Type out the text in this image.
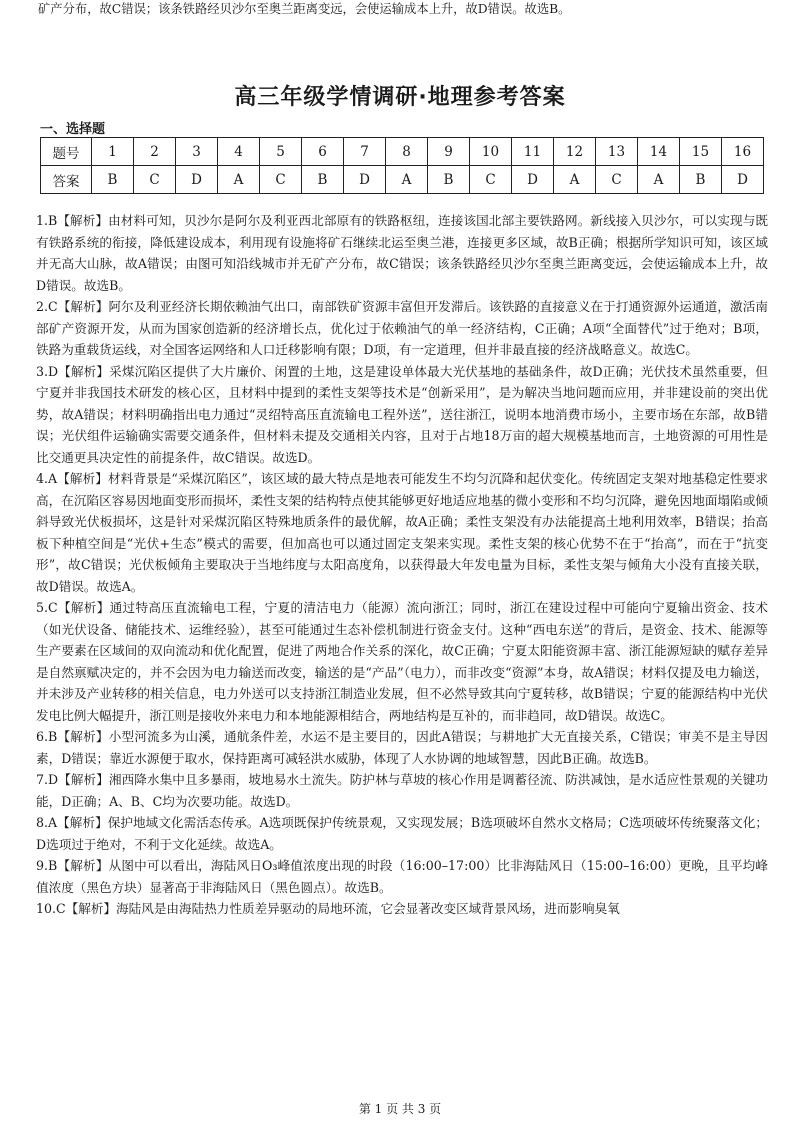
矿产分布，故C错误；该条铁路经贝沙尔至奥兰距离变远，会使运输成本上升，故D错误。故选B。
高三年级学情调研·地理参考答案
一、选择题
题号	1	2	3	4	5	6	7	8	9	10	11	12	13	14	15	16
答案	B	C	D	A	C	B	D	A	B	C	D	A	C	A	B	D

1.B【解析】由材料可知，贝沙尔是阿尔及利亚西北部原有的铁路枢纽，连接该国北部主要铁路网。新线接入贝沙尔，可以实现与既有铁路系统的衔接，降低建设成本，利用现有设施将矿石继续北运至奥兰港，连接更多区域，故B正确；根据所学知识可知，该区域并无高大山脉，故A错误；由图可知沿线城市并无矿产分布，故C错误；该条铁路经贝沙尔至奥兰距离变远，会使运输成本上升，故D错误。故选B。

2.C【解析】阿尔及利亚经济长期依赖油气出口，南部铁矿资源丰富但开发滞后。该铁路的直接意义在于打通资源外运通道，激活南部矿产资源开发，从而为国家创造新的经济增长点，优化过于依赖油气的单一经济结构，C正确；A项“全面替代”过于绝对；B项，铁路为重载货运线，对全国客运网络和人口迁移影响有限；D项，有一定道理，但并非最直接的经济战略意义。故选C。

3.D【解析】采煤沉陷区提供了大片廉价、闲置的土地，这是建设单体最大光伏基地的基础条件，故D正确；光伏技术虽然重要，但宁夏并非我国技术研发的核心区，且材料中提到的柔性支架等技术是“创新采用”，是为解决当地问题而应用，并非建设前的突出优势，故A错误；材料明确指出电力通过“灵绍特高压直流输电工程外送”，送往浙江，说明本地消费市场小，主要市场在东部，故B错误；光伏组件运输确实需要交通条件，但材料未提及交通相关内容，且对于占地18万亩的超大规模基地而言，土地资源的可用性是比交通更具决定性的前提条件，故C错误。故选D。

4.A【解析】材料背景是“采煤沉陷区”，该区域的最大特点是地表可能发生不均匀沉降和起伏变化。传统固定支架对地基稳定性要求高，在沉陷区容易因地面变形而损坏，柔性支架的结构特点使其能够更好地适应地基的微小变形和不均匀沉降，避免因地面塌陷或倾斜导致光伏板损坏，这是针对采煤沉陷区特殊地质条件的最优解，故A正确；柔性支架没有办法能提高土地利用效率，B错误；抬高板下种植空间是“光伏+生态”模式的需要，但加高也可以通过固定支架来实现。柔性支架的核心优势不在于“抬高”，而在于“抗变形”，故C错误；光伏板倾角主要取决于当地纬度与太阳高度角，以获得最大年发电量为目标，柔性支架与倾角大小没有直接关联，故D错误。故选A。

5.C【解析】通过特高压直流输电工程，宁夏的清洁电力（能源）流向浙江；同时，浙江在建设过程中可能向宁夏输出资金、技术（如光伏设备、储能技术、运维经验），甚至可能通过生态补偿机制进行资金支付。这种“西电东送”的背后，是资金、技术、能源等生产要素在区域间的双向流动和优化配置，促进了两地合作关系的深化，故C正确；宁夏太阳能资源丰富、浙江能源短缺的赋存差异是自然禀赋决定的，并不会因为电力输送而改变，输送的是“产品”（电力），而非改变“资源”本身，故A错误；材料仅提及电力输送，并未涉及产业转移的相关信息，电力外送可以支持浙江制造业发展，但不必然导致其向宁夏转移，故B错误；宁夏的能源结构中光伏发电比例大幅提升，浙江则是接收外来电力和本地能源相结合，两地结构是互补的，而非趋同，故D错误。故选C。

6.B【解析】小型河流多为山溪，通航条件差，水运不是主要目的，因此A错误；与耕地扩大无直接关系，C错误；审美不是主导因素，D错误；靠近水源便于取水，保持距离可减轻洪水威胁，体现了人水协调的地域智慧，因此B正确。故选B。

7.D【解析】湘西降水集中且多暴雨，坡地易水土流失。防护林与草坡的核心作用是调蓄径流、防洪减蚀，是水适应性景观的关键功能，D正确；A、B、C均为次要功能。故选D。

8.A【解析】保护地域文化需活态传承。A选项既保护传统景观，又实现发展；B选项破坏自然水文格局；C选项破坏传统聚落文化；D选项过于绝对，不利于文化延续。故选A。

9.B【解析】从图中可以看出，海陆风日O₃峰值浓度出现的时段（16:00–17:00）比非海陆风日（15:00–16:00）更晚，且平均峰值浓度（黑色方块）显著高于非海陆风日（黑色圆点）。故选B。

10.C【解析】海陆风是由海陆热力性质差异驱动的局地环流，它会显著改变区域背景风场，进而影响臭氧

第 1 页 共 3 页
